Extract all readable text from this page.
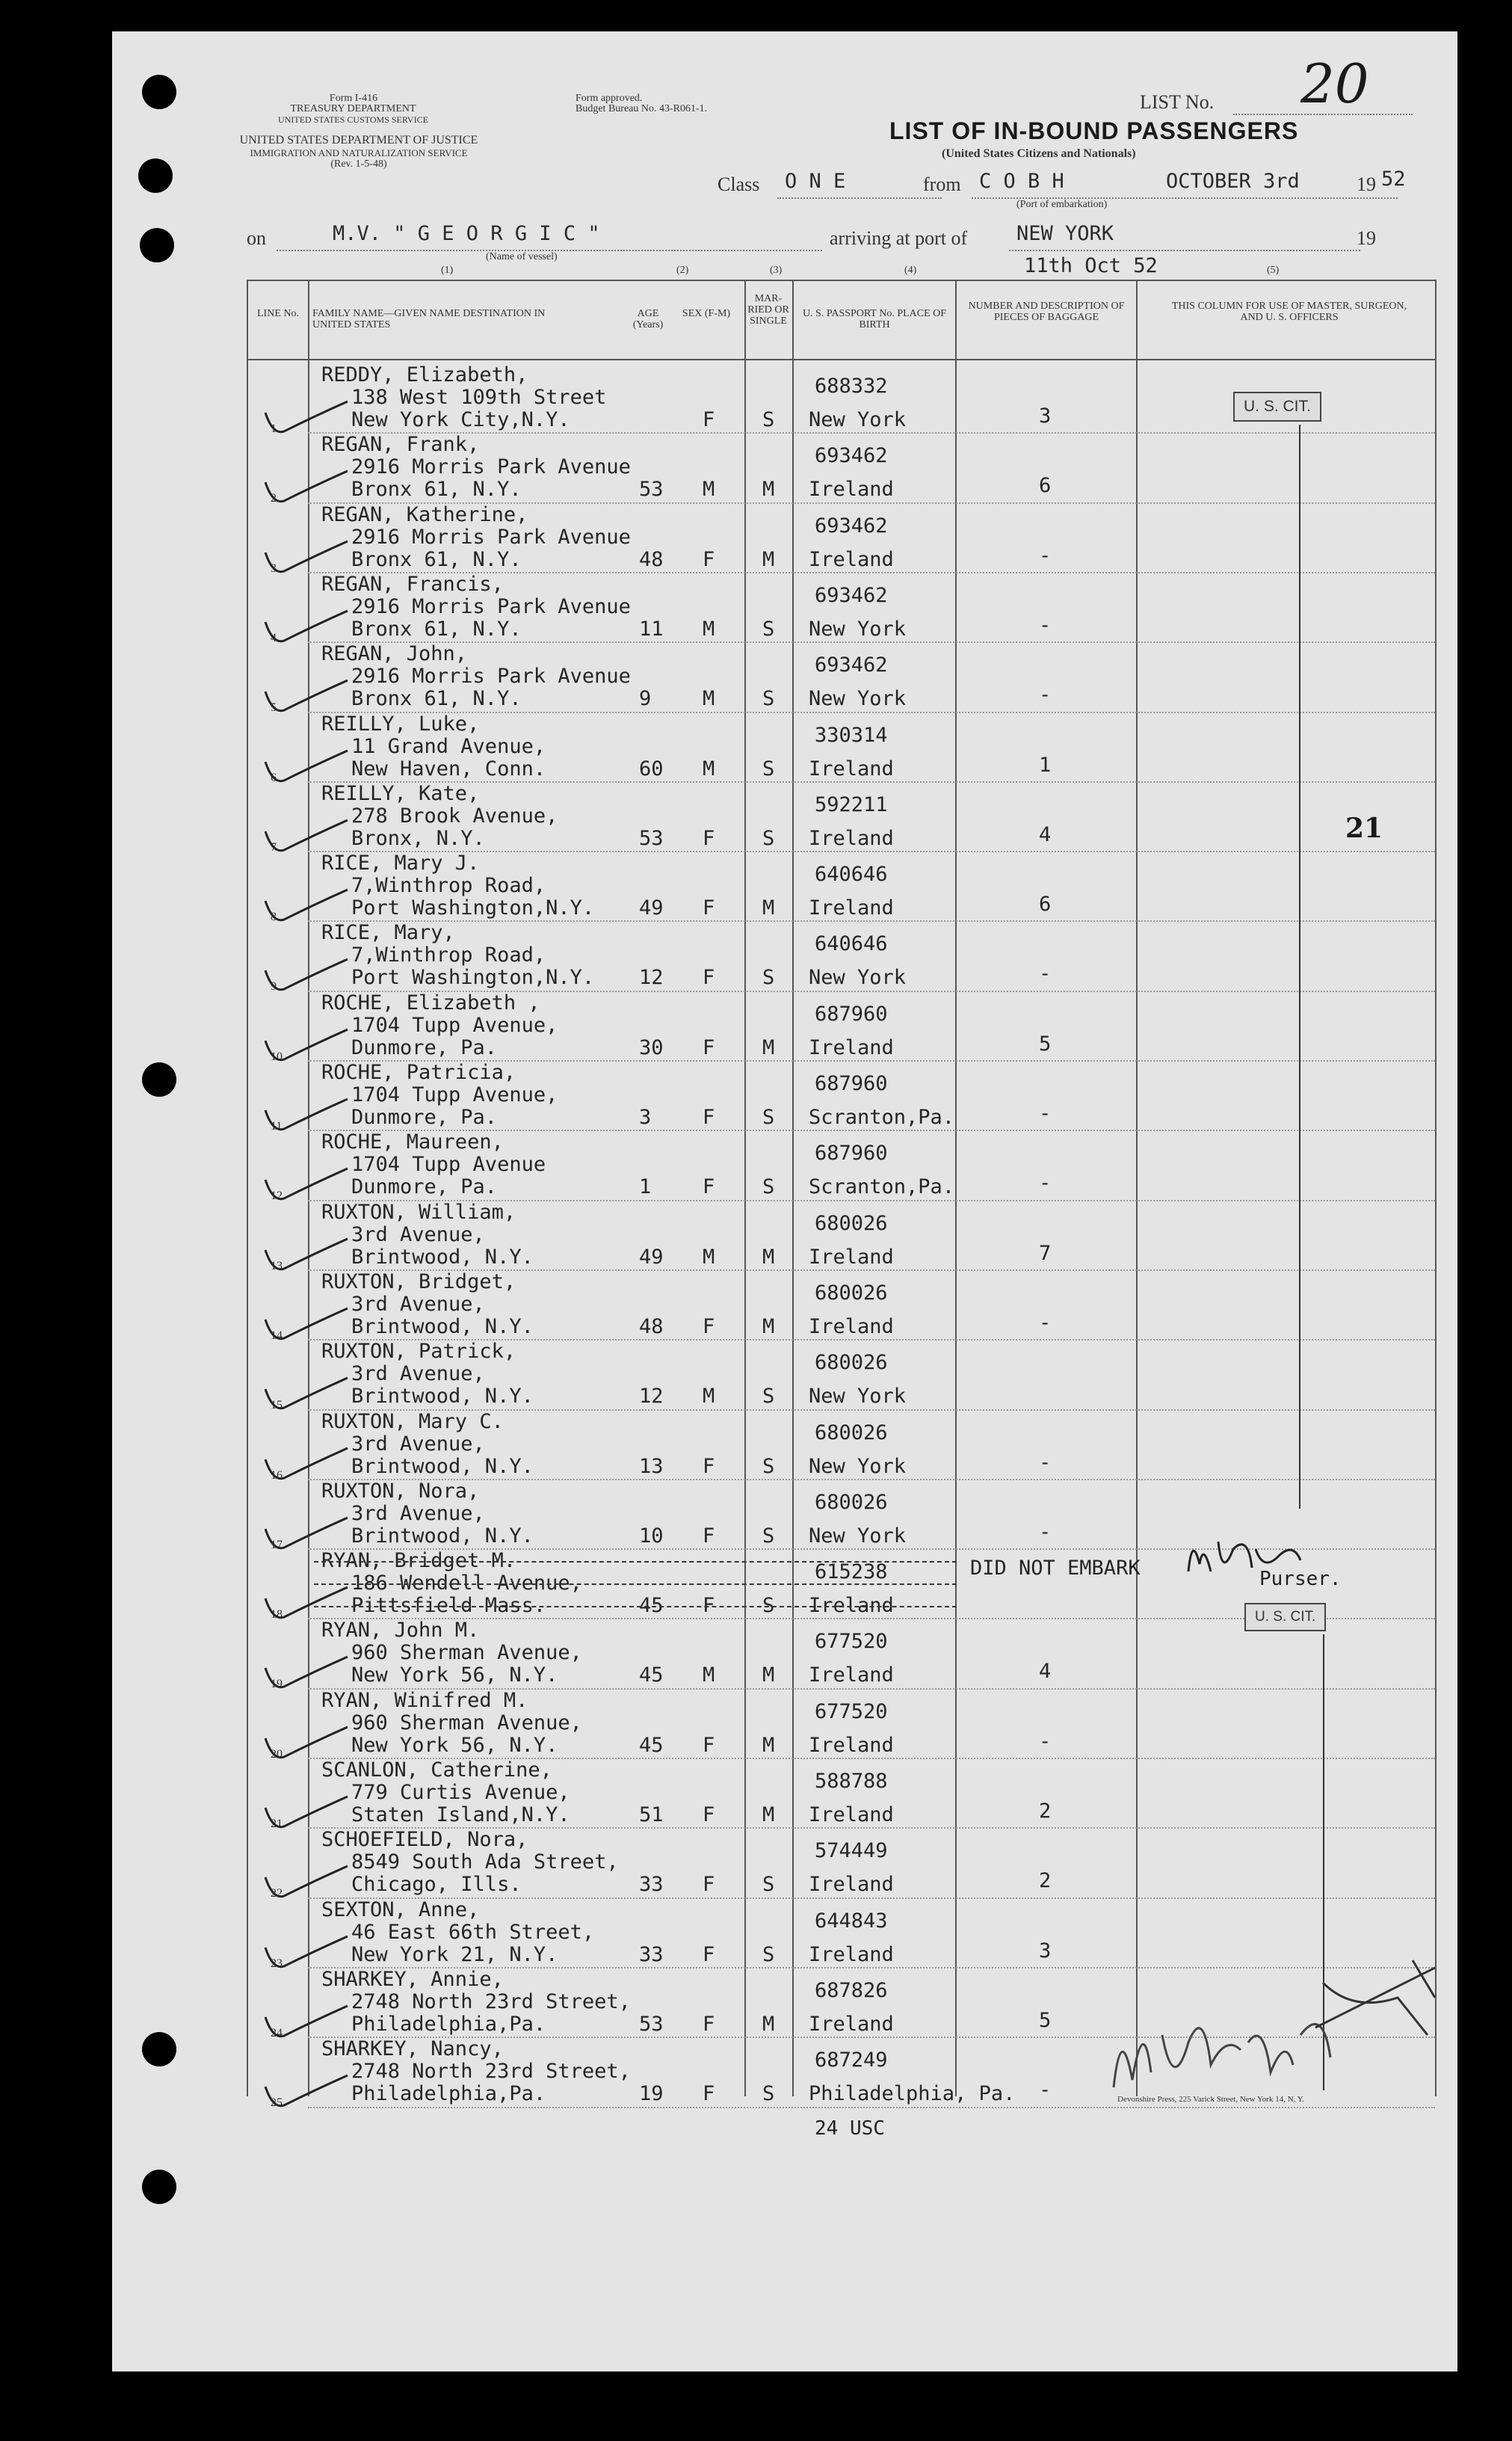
Form I-416
TREASURY DEPARTMENT
UNITED STATES CUSTOMS SERVICE
UNITED STATES DEPARTMENT OF JUSTICE
IMMIGRATION AND NATURALIZATION SERVICE
(Rev. 1-5-48)
Form approved.
Budget Bureau No. 43-R061-1.	LIST No. 20
LIST OF IN-BOUND PASSENGERS
(United States Citizens and Nationals)
Class O N E	from C O B H
(Port of embarkation)
OCTOBER 3rd	19 52
on	M.V. " G E O R G I C "
(Name of vessel)
arriving at port of NEW YORK	19
11th Oct 52
(1)	(2)	(3)	(4)	(5)
LINE No.	FAMILY NAME—GIVEN NAME DESTINATION IN UNITED STATES
AGE (Years)
SEX (F-M)
MAR- RIED OR SINGLE
U. S. PASSPORT No. PLACE OF BIRTH
NUMBER AND DESCRIPTION OF PIECES OF BAGGAGE
THIS COLUMN FOR USE OF MASTER, SURGEON, AND U. S. OFFICERS
1
REDDY, Elizabeth,
138 West 109th Street
New York City,N.Y.	F S
688332
New York	3
2
REGAN, Frank,
2916 Morris Park Avenue
Bronx 61, N.Y.	53 M M
693462
Ireland	6
3
REGAN, Katherine,
2916 Morris Park Avenue
Bronx 61, N.Y.	48 F M
693462
Ireland	-
4
REGAN, Francis,
2916 Morris Park Avenue
Bronx 61, N.Y.	11 M S
693462
New York	-
5
REGAN, John,
2916 Morris Park Avenue
Bronx 61, N.Y.	9	M S
693462
New York	-
6
REILLY, Luke,
11 Grand Avenue,
New Haven, Conn.	60 M S
330314
Ireland	1
7
REILLY, Kate,
278 Brook Avenue,
Bronx, N.Y.	53 F S
592211
Ireland	4
8
RICE, Mary J.
7,Winthrop Road,
Port Washington,N.Y. 49 F M
640646
Ireland	6
9
RICE, Mary,
7,Winthrop Road,
Port Washington,N.Y. 12 F S
640646
New York	-
10
ROCHE, Elizabeth ,
1704 Tupp Avenue,
Dunmore, Pa.	30 F M
687960
Ireland	5
11
ROCHE, Patricia,
1704 Tupp Avenue,
Dunmore, Pa.	3	F S
687960
Scranton,Pa.	-
12
ROCHE, Maureen,
1704 Tupp Avenue
Dunmore, Pa.	1	F S
687960
Scranton,Pa.	-
13
RUXTON, William,
3rd Avenue,
Brintwood, N.Y.	49 M M
680026
Ireland	7
14
RUXTON, Bridget,
3rd Avenue,
Brintwood, N.Y.	48 F M
680026
Ireland	-
15
RUXTON, Patrick,
3rd Avenue,
Brintwood, N.Y.	12 M S
680026
New York
16
RUXTON, Mary C.
3rd Avenue,
Brintwood, N.Y.	13 F S
680026
New York	-
17
RUXTON, Nora,
3rd Avenue,
Brintwood, N.Y.	10 F S
680026
New York	-
18
RYAN, Bridget M.
186 Wendell Avenue,
Pittsfield Mass.	45 F S
615238
Ireland
DID NOT EMBARK
19
RYAN, John M.
960 Sherman Avenue,
New York 56, N.Y.	45 M M
677520
Ireland	4
20
RYAN, Winifred M.
960 Sherman Avenue,
New York 56, N.Y.	45 F M
677520
Ireland	-
21
SCANLON, Catherine,
779 Curtis Avenue,
Staten Island,N.Y.	51 F M
588788
Ireland	2
22
SCHOEFIELD, Nora,
8549 South Ada Street,
Chicago, Ills.	33 F S
574449
Ireland	2
23
SEXTON, Anne,
46 East 66th Street,
New York 21, N.Y.	33 F S
644843
Ireland	3
24
SHARKEY, Annie,
2748 North 23rd Street,
Philadelphia,Pa.	53 F M
687826
Ireland	5
25
SHARKEY, Nancy,
2748 North 23rd Street,
Philadelphia,Pa.	19 F S
687249
Philadelphia, Pa. -
U. S. CIT.
21
Purser.
U. S. CIT.
24 USC
Devonshire Press, 225 Varick Street, New York 14, N. Y.
